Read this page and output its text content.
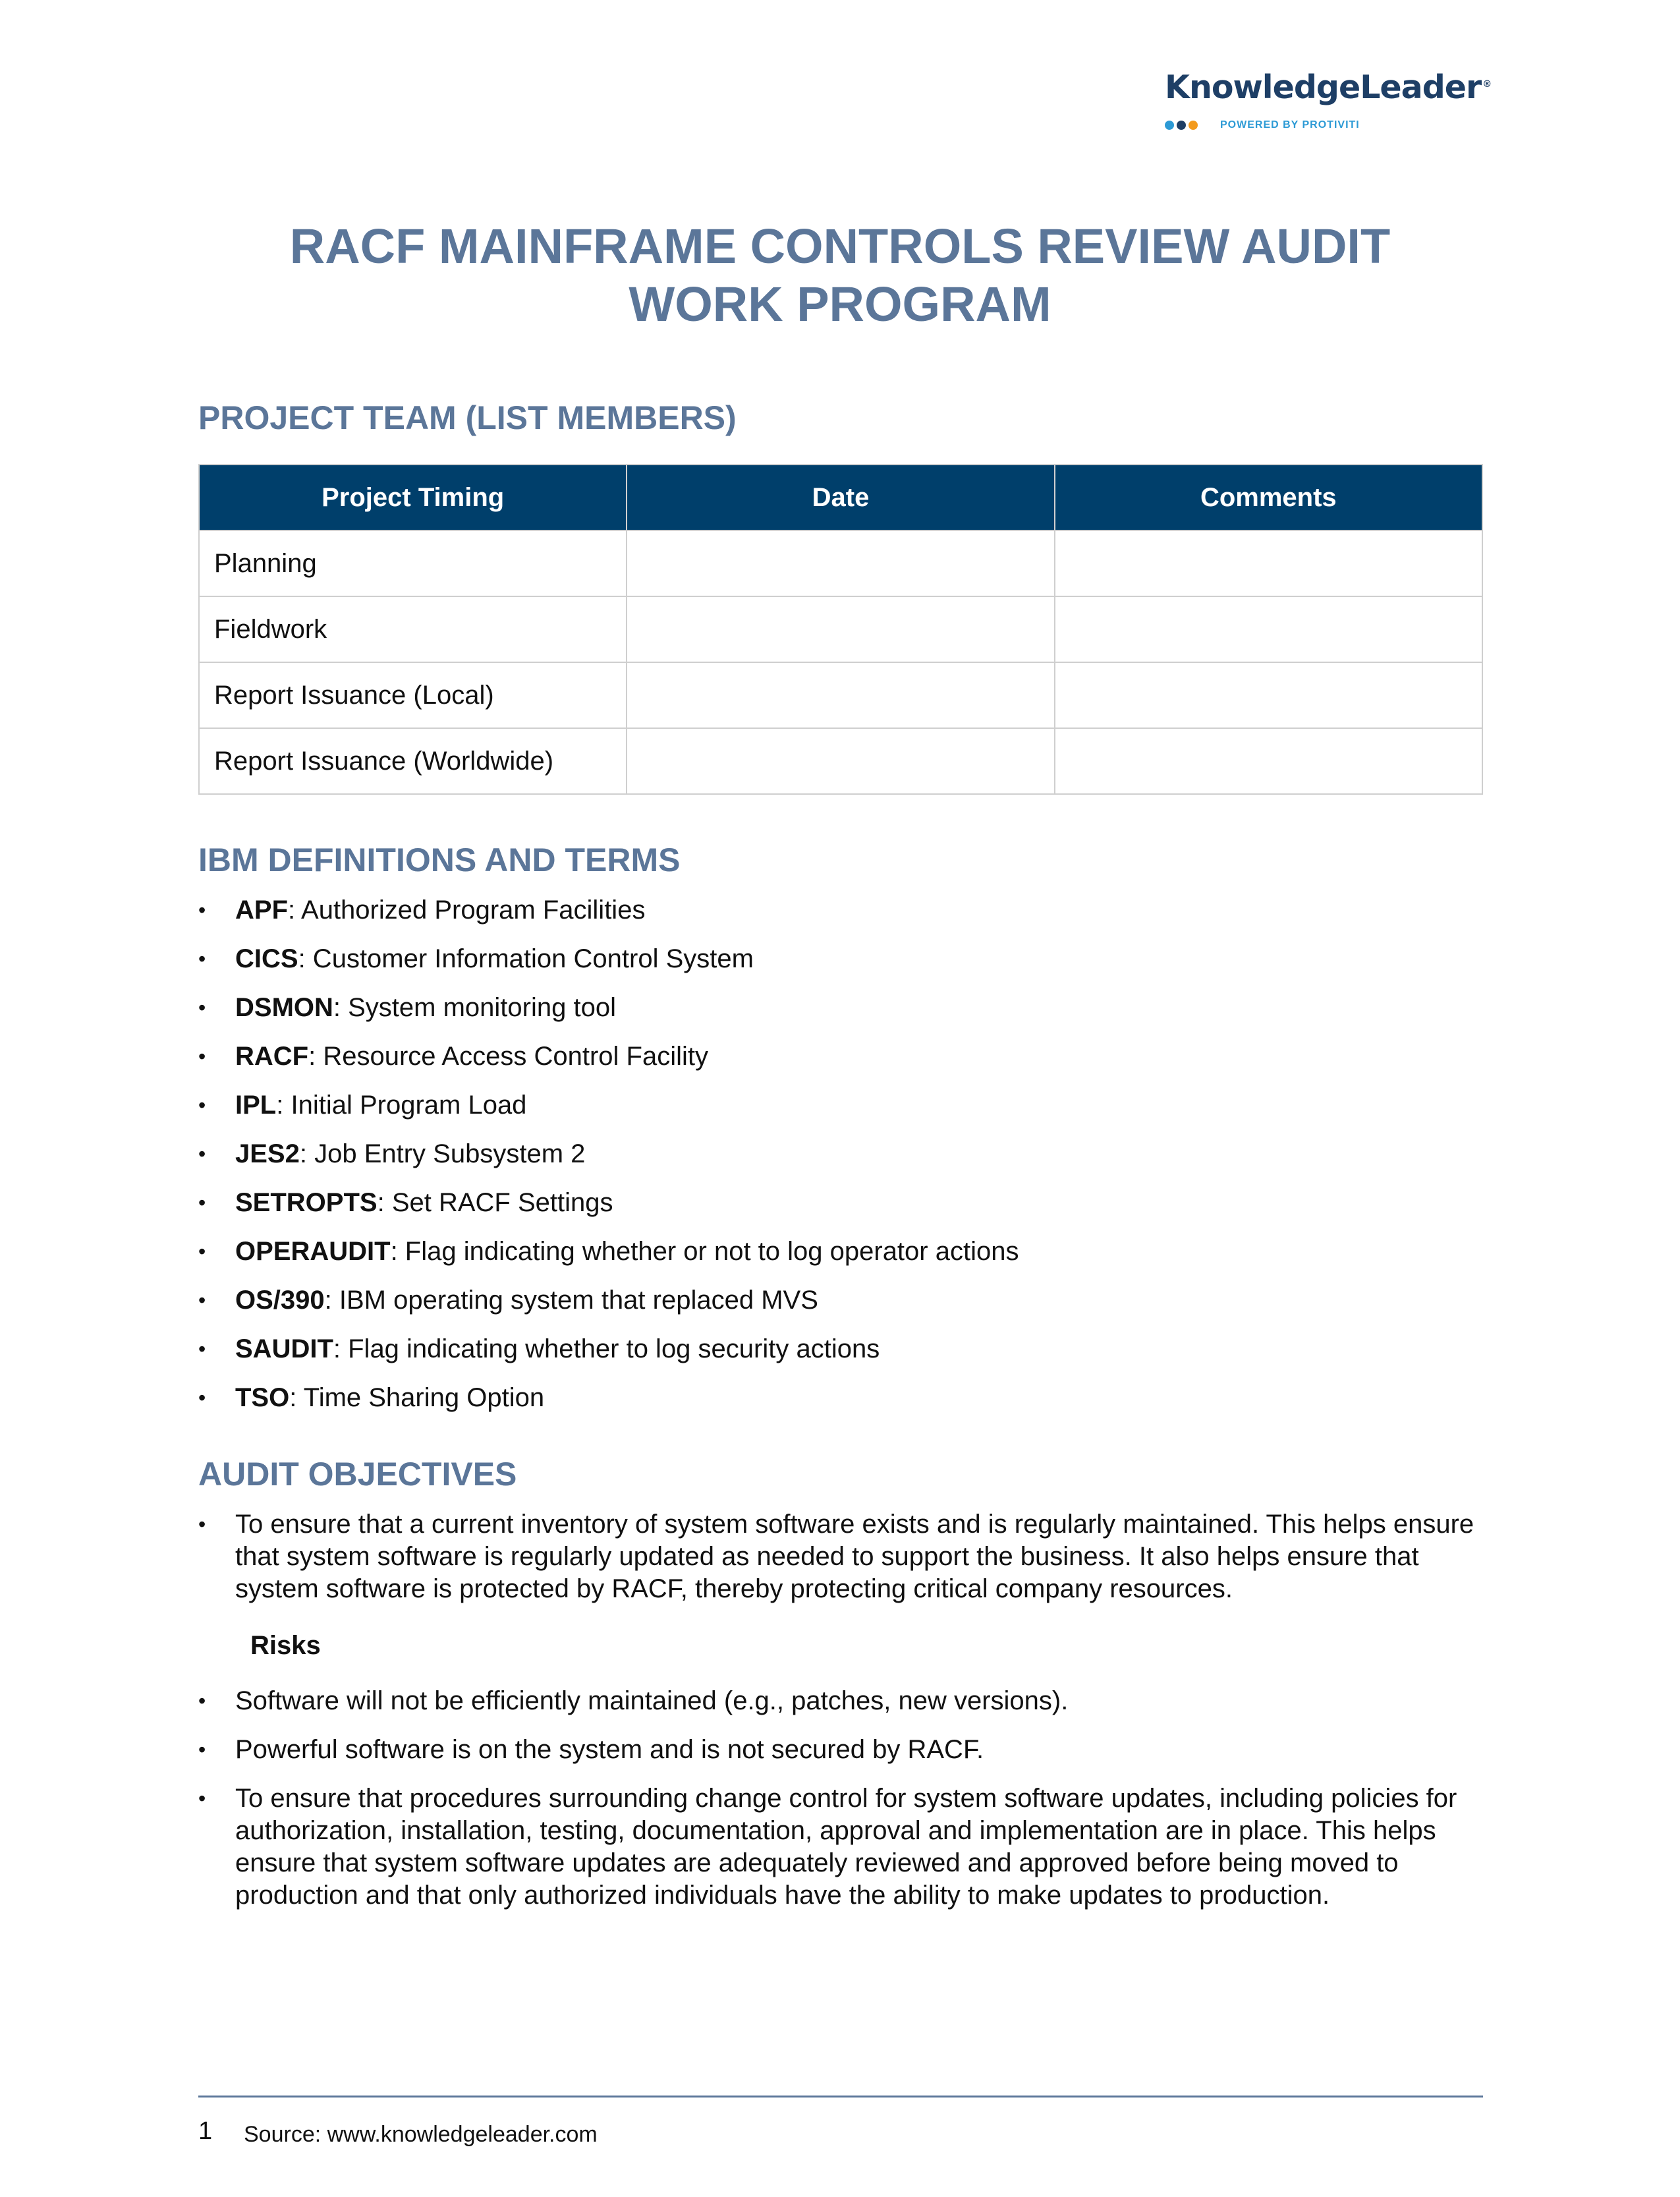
KnowledgeLeader ®
POWERED BY PROTIVITI
RACF MAINFRAME CONTROLS REVIEW AUDIT
WORK PROGRAM
PROJECT TEAM (LIST MEMBERS)
Project Timing	Date	Comments
Planning		
Fieldwork		
Report Issuance (Local)		
Report Issuance (Worldwide)		
IBM DEFINITIONS AND TERMS
• APF: Authorized Program Facilities
• CICS: Customer Information Control System
• DSMON: System monitoring tool
• RACF: Resource Access Control Facility
• IPL: Initial Program Load
• JES2: Job Entry Subsystem 2
• SETROPTS: Set RACF Settings
• OPERAUDIT: Flag indicating whether or not to log operator actions
• OS/390: IBM operating system that replaced MVS
• SAUDIT: Flag indicating whether to log security actions
• TSO: Time Sharing Option
AUDIT OBJECTIVES
• To ensure that a current inventory of system software exists and is regularly maintained. This helps ensure that system software is regularly updated as needed to support the business. It also helps ensure that system software is protected by RACF, thereby protecting critical company resources.
Risks
• Software will not be efficiently maintained (e.g., patches, new versions).
• Powerful software is on the system and is not secured by RACF.
• To ensure that procedures surrounding change control for system software updates, including policies for authorization, installation, testing, documentation, approval and implementation are in place. This helps ensure that system software updates are adequately reviewed and approved before being moved to production and that only authorized individuals have the ability to make updates to production.
1 Source: www.knowledgeleader.com
